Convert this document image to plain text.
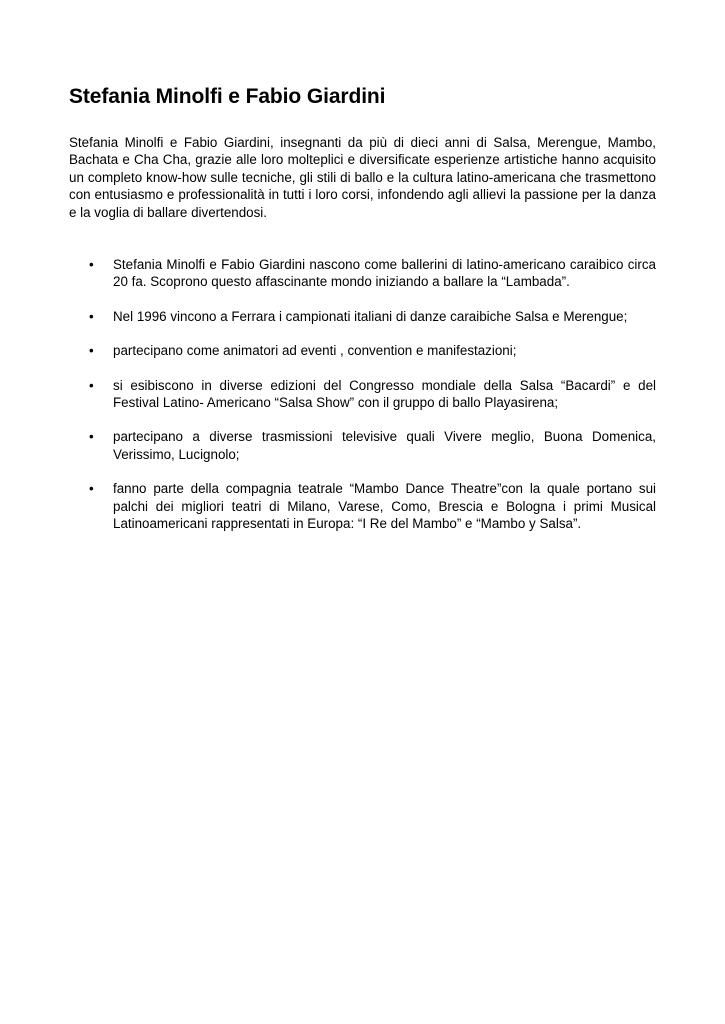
Stefania Minolfi e Fabio Giardini

Stefania Minolfi e Fabio Giardini, insegnanti da più di dieci anni di Salsa, Merengue, Mambo, Bachata e Cha Cha, grazie alle loro molteplici e diversificate esperienze artistiche hanno acquisito un completo know-how sulle tecniche, gli stili di ballo e la cultura latino-americana che trasmettono con entusiasmo e professionalità in tutti i loro corsi, infondendo agli allievi la passione per la danza e la voglia di ballare divertendosi.

• Stefania Minolfi e Fabio Giardini nascono come ballerini di latino-americano caraibico circa 20 fa. Scoprono questo affascinante mondo iniziando a ballare la “Lambada”.
• Nel 1996 vincono a Ferrara i campionati italiani di danze caraibiche Salsa e Merengue;
• partecipano come animatori ad eventi , convention e manifestazioni;
• si esibiscono in diverse edizioni del Congresso mondiale della Salsa “Bacardi” e del Festival Latino- Americano “Salsa Show” con il gruppo di ballo Playasirena;
• partecipano a diverse trasmissioni televisive quali Vivere meglio, Buona Domenica, Verissimo, Lucignolo;
• fanno parte della compagnia teatrale “Mambo Dance Theatre”con la quale portano sui palchi dei migliori teatri di Milano, Varese, Como, Brescia e Bologna i primi Musical Latinoamericani rappresentati in Europa: “I Re del Mambo” e “Mambo y Salsa”.
